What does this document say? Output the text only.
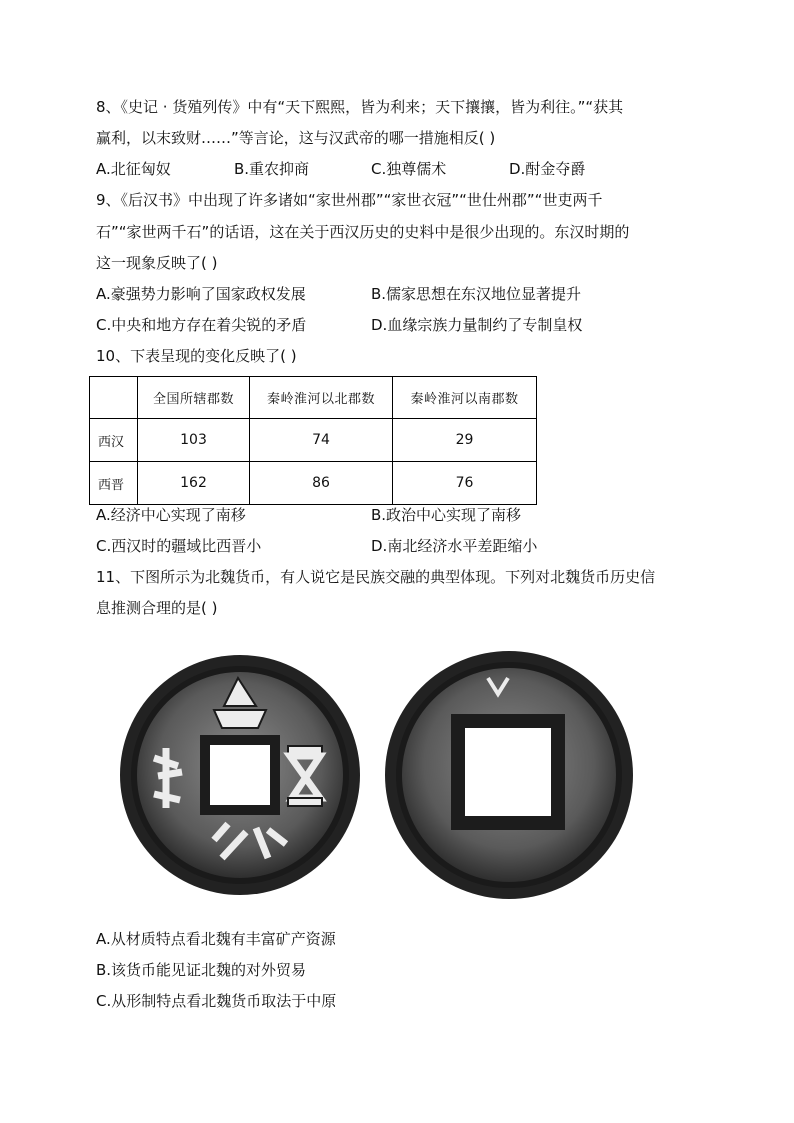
8、《史记 · 货殖列传》中有“天下熙熙，皆为利来；天下攘攘，皆为利往。”“获其
赢利，以末致财……”等言论，这与汉武帝的哪一措施相反( )
A.北征匈奴	B.重农抑商	C.独尊儒术	D.酎金夺爵
9、《后汉书》中出现了许多诸如“家世州郡”“家世衣冠”“世仕州郡”“世吏两千
石”“家世两千石”的话语，这在关于西汉历史的史料中是很少出现的。东汉时期的
这一现象反映了( )
A.豪强势力影响了国家政权发展	B.儒家思想在东汉地位显著提升
C.中央和地方存在着尖锐的矛盾	D.血缘宗族力量制约了专制皇权
10、下表呈现的变化反映了( )
	全国所辖郡数	秦岭淮河以北郡数	秦岭淮河以南郡数
西汉	103	74	29
西晋	162	86	76
A.经济中心实现了南移	B.政治中心实现了南移
C.西汉时的疆域比西晋小	D.南北经济水平差距缩小
11、下图所示为北魏货币，有人说它是民族交融的典型体现。下列对北魏货币历史信
息推测合理的是( )
A.从材质特点看北魏有丰富矿产资源
B.该货币能见证北魏的对外贸易
C.从形制特点看北魏货币取法于中原
